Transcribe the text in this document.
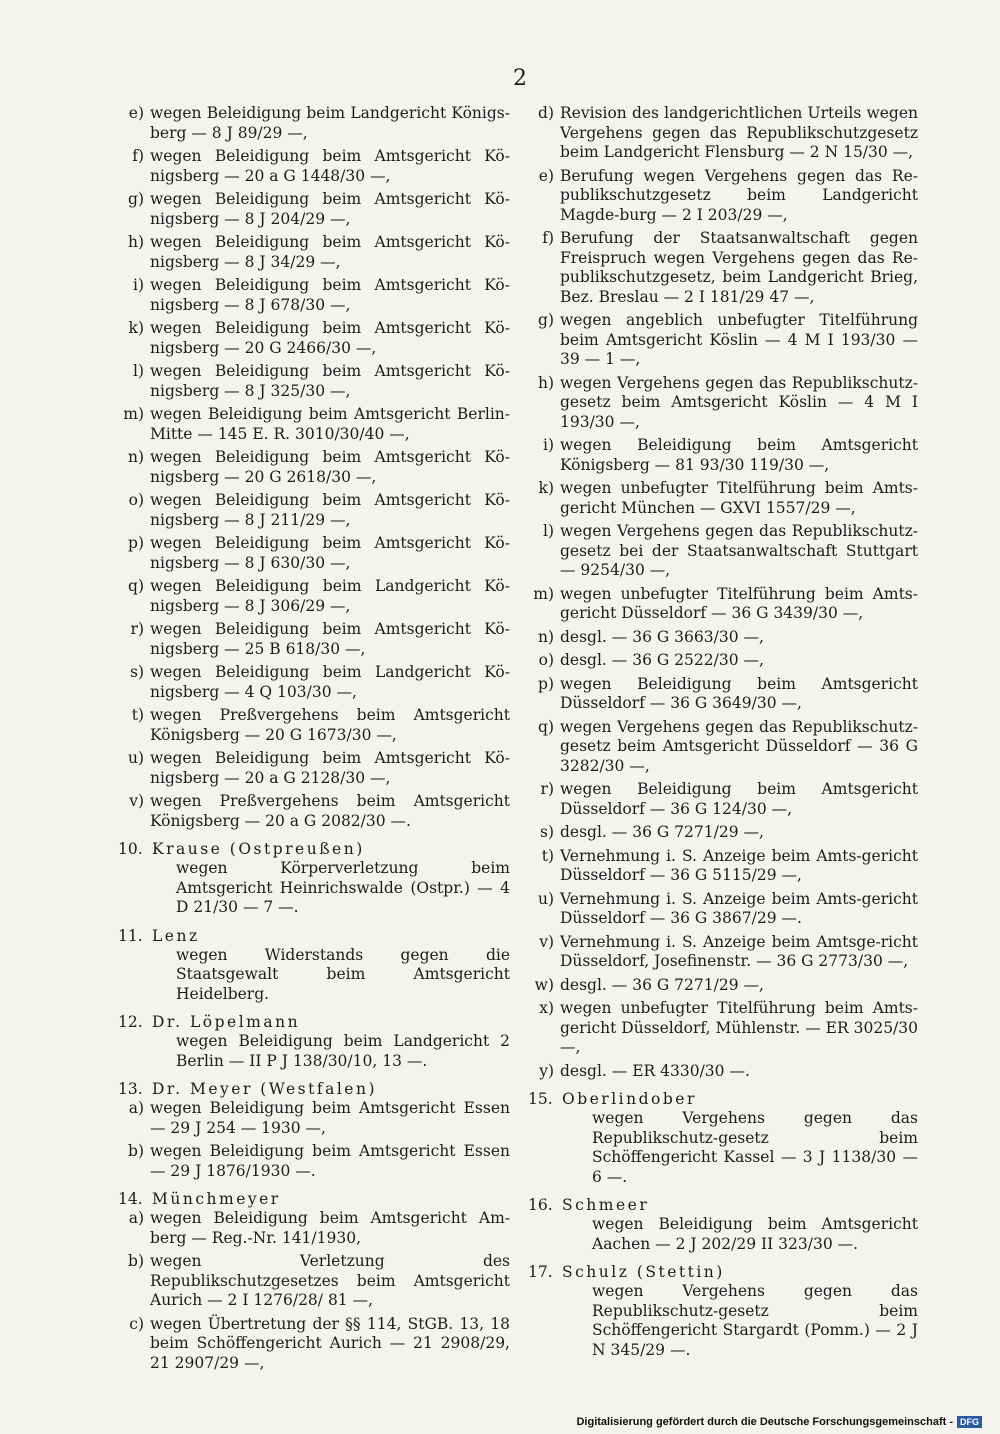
2
e) wegen Beleidigung beim Landgericht Königs-berg — 8 J 89/29 —,
f) wegen Beleidigung beim Amtsgericht Kö-nigsberg — 20 a G 1448/30 —,
g) wegen Beleidigung beim Amtsgericht Kö-nigsberg — 8 J 204/29 —,
h) wegen Beleidigung beim Amtsgericht Kö-nigsberg — 8 J 34/29 —,
i) wegen Beleidigung beim Amtsgericht Kö-nigsberg — 8 J 678/30 —,
k) wegen Beleidigung beim Amtsgericht Kö-nigsberg — 20 G 2466/30 —,
l) wegen Beleidigung beim Amtsgericht Kö-nigsberg — 8 J 325/30 —,
m) wegen Beleidigung beim Amtsgericht Berlin-Mitte — 145 E. R. 3010/30/40 —,
n) wegen Beleidigung beim Amtsgericht Kö-nigsberg — 20 G 2618/30 —,
o) wegen Beleidigung beim Amtsgericht Kö-nigsberg — 8 J 211/29 —,
p) wegen Beleidigung beim Amtsgericht Kö-nigsberg — 8 J 630/30 —,
q) wegen Beleidigung beim Landgericht Kö-nigsberg — 8 J 306/29 —,
r) wegen Beleidigung beim Amtsgericht Kö-nigsberg — 25 B 618/30 —,
s) wegen Beleidigung beim Landgericht Kö-nigsberg — 4 Q 103/30 —,
t) wegen Preßvergehens beim Amtsgericht Königsberg — 20 G 1673/30 —,
u) wegen Beleidigung beim Amtsgericht Kö-nigsberg — 20 a G 2128/30 —,
v) wegen Preßvergehens beim Amtsgericht Königsberg — 20 a G 2082/30 —.
10. Krause (Ostpreußen)
wegen Körperverletzung beim Amtsgericht Heinrichswalde (Ostpr.) — 4 D 21/30 — 7 —.
11. Lenz
wegen Widerstands gegen die Staatsgewalt beim Amtsgericht Heidelberg.
12. Dr. Löpelmann
wegen Beleidigung beim Landgericht 2 Berlin — II P J 138/30/10, 13 —.
13. Dr. Meyer (Westfalen)
a) wegen Beleidigung beim Amtsgericht Essen — 29 J 254 — 1930 —,
b) wegen Beleidigung beim Amtsgericht Essen — 29 J 1876/1930 —.
14. Münchmeyer
a) wegen Beleidigung beim Amtsgericht Am-berg — Reg.-Nr. 141/1930,
b) wegen Verletzung des Republikschutzgesetzes beim Amtsgericht Aurich — 2 I 1276/28/ 81 —,
c) wegen Übertretung der §§ 114, StGB. 13, 18 beim Schöffengericht Aurich — 21 2908/29, 21 2907/29 —,
d) Revision des landgerichtlichen Urteils wegen Vergehens gegen das Republikschutzgesetz beim Landgericht Flensburg — 2 N 15/30 —,
e) Berufung wegen Vergehens gegen das Re-publikschutzgesetz beim Landgericht Magde-burg — 2 I 203/29 —,
f) Berufung der Staatsanwaltschaft gegen Freispruch wegen Vergehens gegen das Re-publikschutzgesetz, beim Landgericht Brieg, Bez. Breslau — 2 I 181/29 47 —,
g) wegen angeblich unbefugter Titelführung beim Amtsgericht Köslin — 4 M I 193/30 — 39 — 1 —,
h) wegen Vergehens gegen das Republikschutz-gesetz beim Amtsgericht Köslin — 4 M I 193/30 —,
i) wegen Beleidigung beim Amtsgericht Königsberg — 81 93/30 119/30 —,
k) wegen unbefugter Titelführung beim Amts-gericht München — GXVI 1557/29 —,
l) wegen Vergehens gegen das Republikschutz-gesetz bei der Staatsanwaltschaft Stuttgart — 9254/30 —,
m) wegen unbefugter Titelführung beim Amts-gericht Düsseldorf — 36 G 3439/30 —,
n) desgl. — 36 G 3663/30 —,
o) desgl. — 36 G 2522/30 —,
p) wegen Beleidigung beim Amtsgericht Düsseldorf — 36 G 3649/30 —,
q) wegen Vergehens gegen das Republikschutz-gesetz beim Amtsgericht Düsseldorf — 36 G 3282/30 —,
r) wegen Beleidigung beim Amtsgericht Düsseldorf — 36 G 124/30 —,
s) desgl. — 36 G 7271/29 —,
t) Vernehmung i. S. Anzeige beim Amts-gericht Düsseldorf — 36 G 5115/29 —,
u) Vernehmung i. S. Anzeige beim Amts-gericht Düsseldorf — 36 G 3867/29 —.
v) Vernehmung i. S. Anzeige beim Amtsge-richt Düsseldorf, Josefinenstr. — 36 G 2773/30 —,
w) desgl. — 36 G 7271/29 —,
x) wegen unbefugter Titelführung beim Amts-gericht Düsseldorf, Mühlenstr. — ER 3025/30 —,
y) desgl. — ER 4330/30 —.
15. Oberlindober
wegen Vergehens gegen das Republikschutz-gesetz beim Schöffengericht Kassel — 3 J 1138/30 — 6 —.
16. Schmeer
wegen Beleidigung beim Amtsgericht Aachen — 2 J 202/29 II 323/30 —.
17. Schulz (Stettin)
wegen Vergehens gegen das Republikschutz-gesetz beim Schöffengericht Stargardt (Pomm.) — 2 J N 345/29 —.
Digitalisierung gefördert durch die Deutsche Forschungsgemeinschaft - DFG
